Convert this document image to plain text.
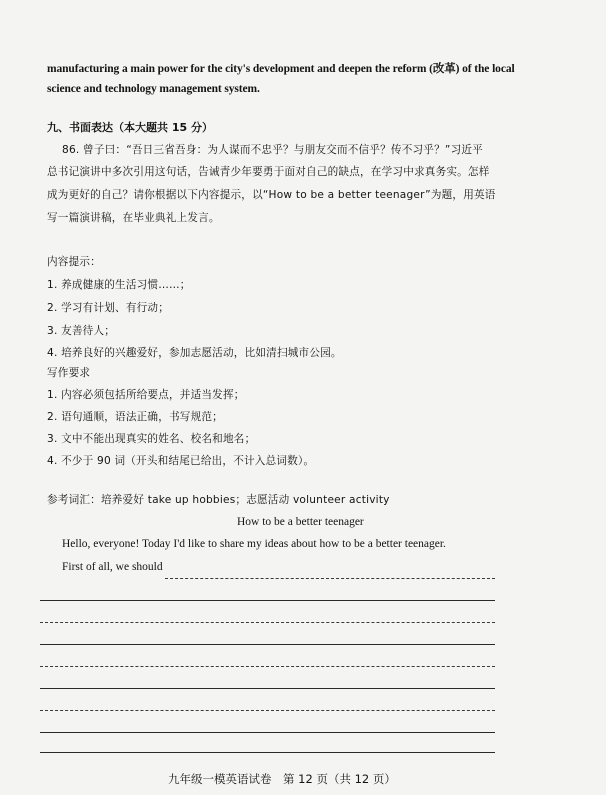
manufacturing a main power for the city's development and deepen the reform (改革) of the local
science and technology management system.
九、书面表达（本大题共 15 分）
86. 曾子曰：“吾日三省吾身：为人谋而不忠乎？与朋友交而不信乎？传不习乎？”习近平
总书记演讲中多次引用这句话，告诫青少年要勇于面对自己的缺点，在学习中求真务实。怎样
成为更好的自己？请你根据以下内容提示，以“How to be a better teenager”为题，用英语
写一篇演讲稿，在毕业典礼上发言。
内容提示：
1. 养成健康的生活习惯……；
2. 学习有计划、有行动；
3. 友善待人；
4. 培养良好的兴趣爱好，参加志愿活动，比如清扫城市公园。
写作要求
1. 内容必须包括所给要点，并适当发挥；
2. 语句通顺，语法正确，书写规范；
3. 文中不能出现真实的姓名、校名和地名；
4. 不少于 90 词（开头和结尾已给出，不计入总词数）。
参考词汇：培养爱好 take up hobbies；志愿活动 volunteer activity
How to be a better teenager
Hello, everyone! Today I'd like to share my ideas about how to be a better teenager.
First of all, we should
九年级一模英语试卷　第 12 页（共 12 页）
